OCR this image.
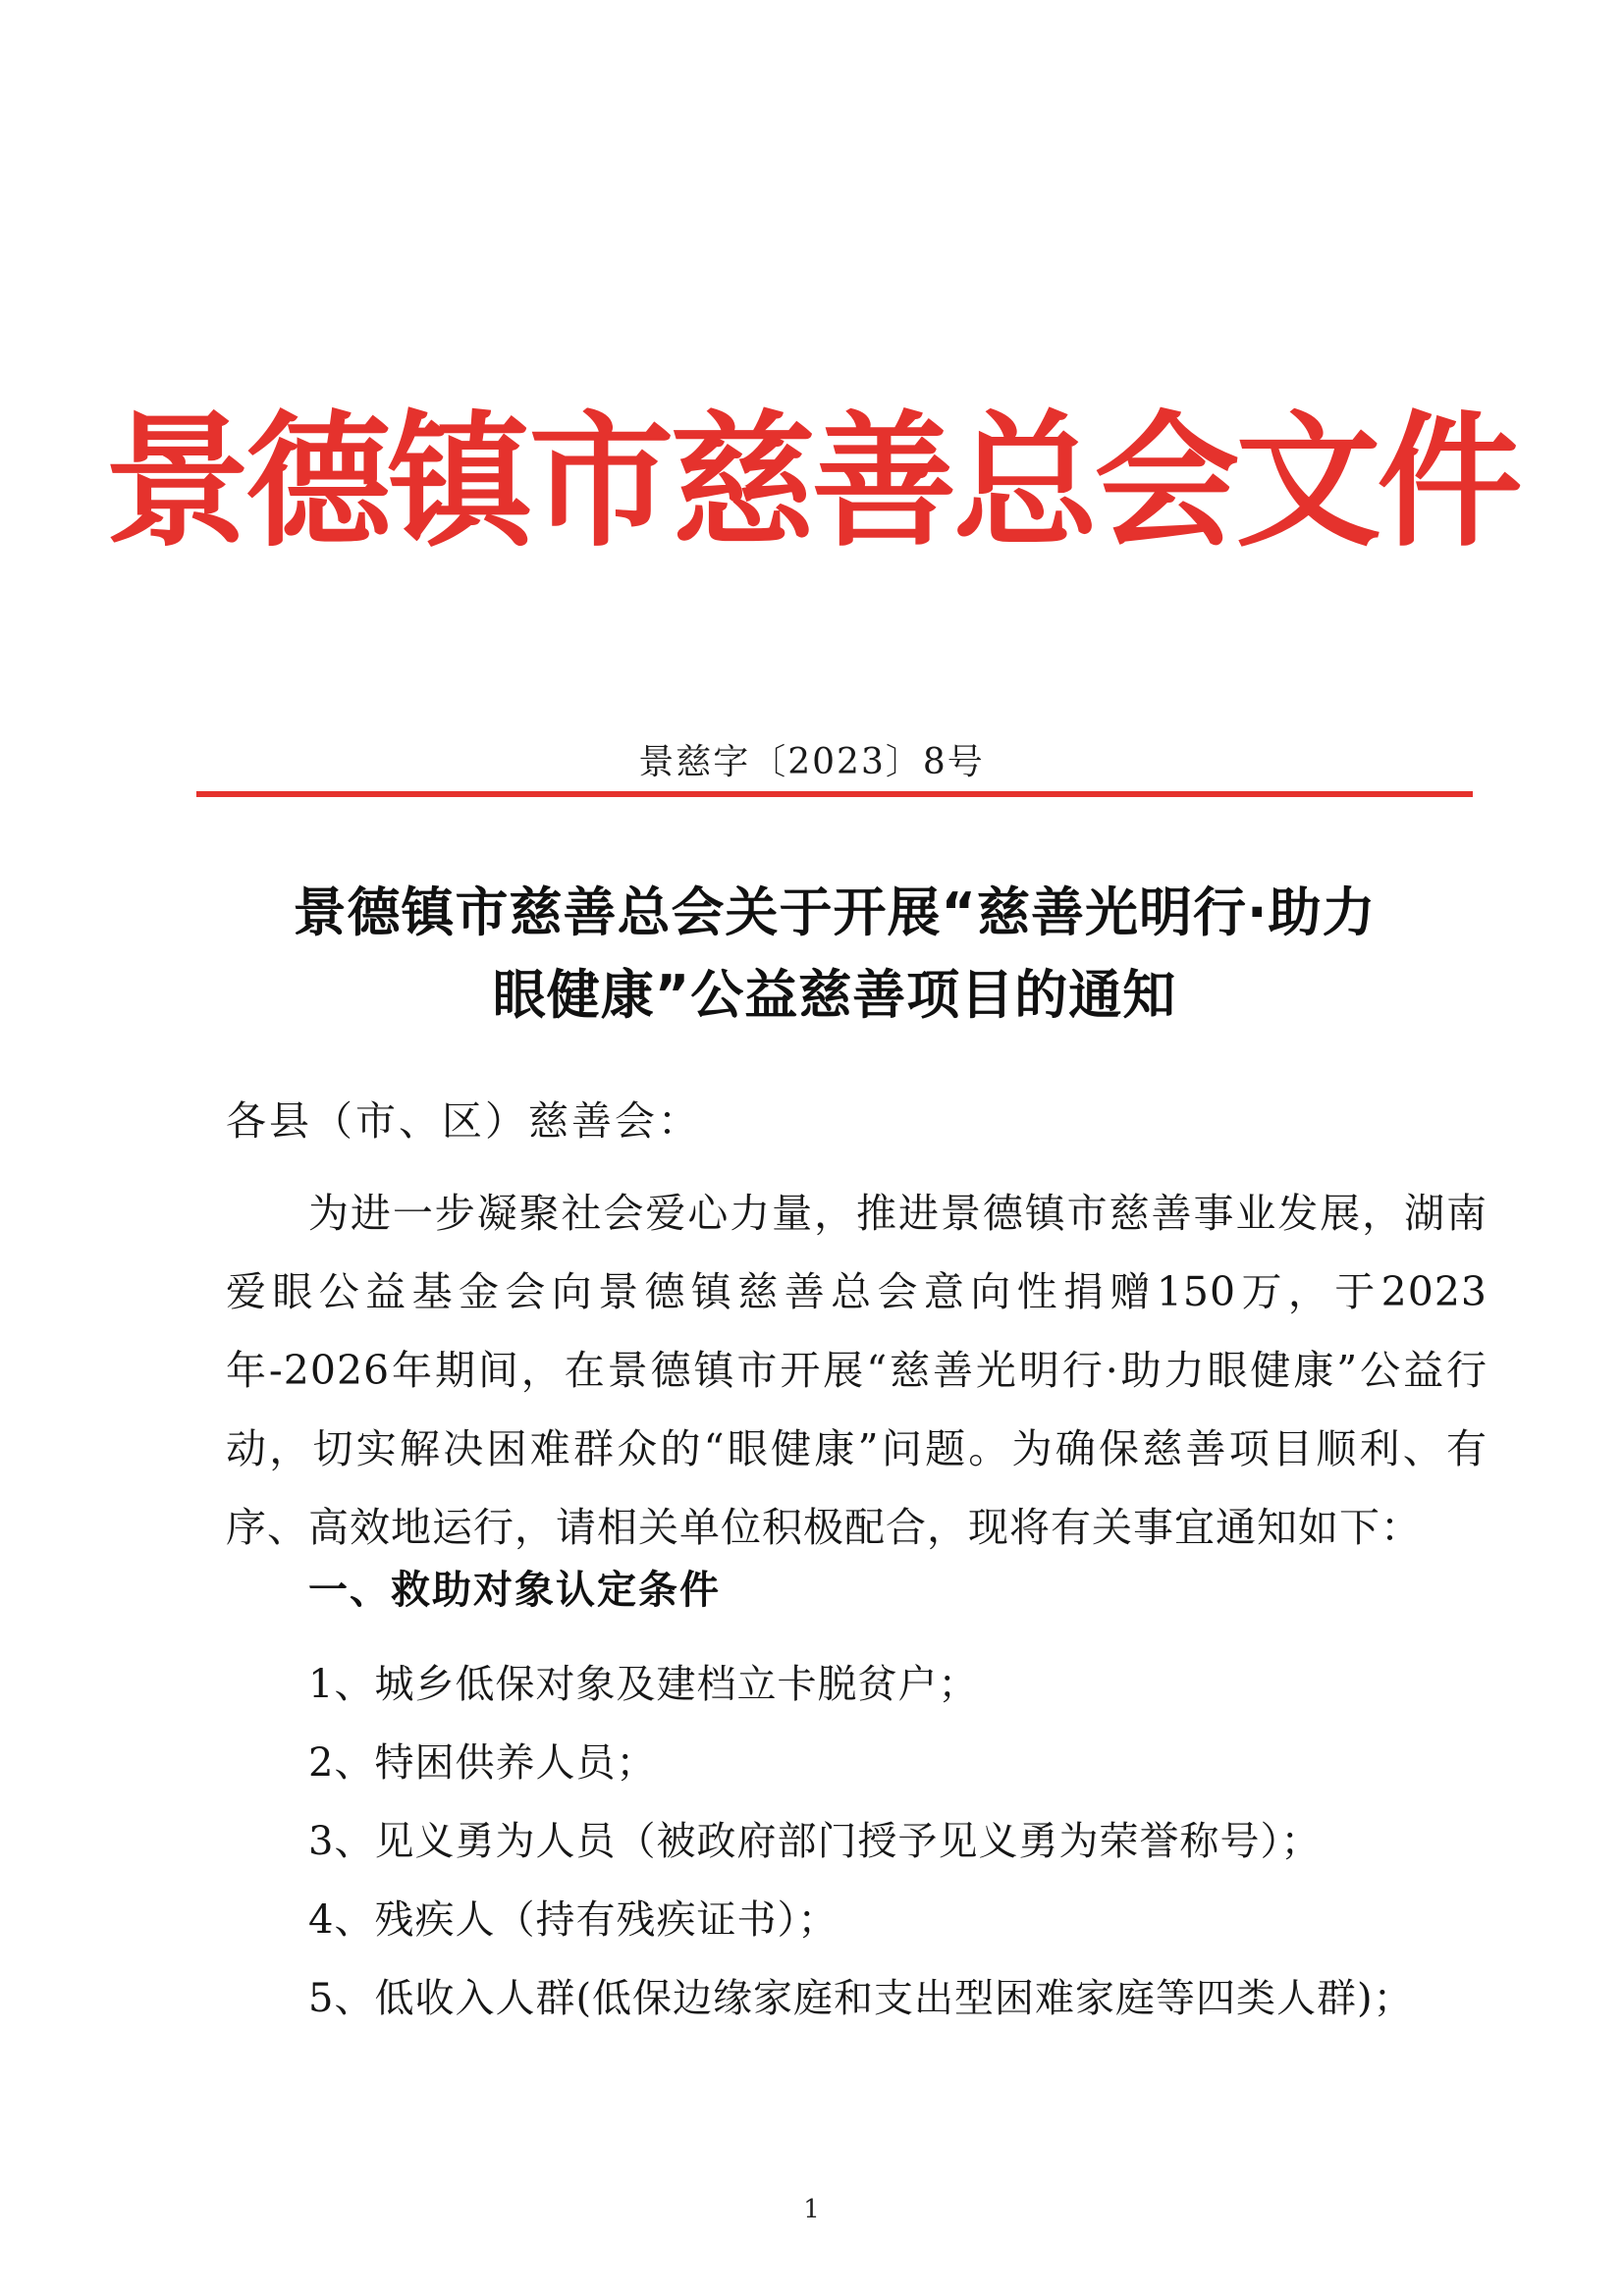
景德镇市慈善总会文件
景慈字〔2023〕8号
景德镇市慈善总会关于开展“慈善光明行·助力
眼健康”公益慈善项目的通知
各县（市、区）慈善会：
为进一步凝聚社会爱心力量，推进景德镇市慈善事业发展，湖南爱眼公益基金会向景德镇慈善总会意向性捐赠150万，于2023年-2026年期间，在景德镇市开展“慈善光明行·助力眼健康”公益行动，切实解决困难群众的“眼健康”问题。为确保慈善项目顺利、有序、高效地运行，请相关单位积极配合，现将有关事宜通知如下：
一、救助对象认定条件
1、城乡低保对象及建档立卡脱贫户；
2、特困供养人员；
3、见义勇为人员（被政府部门授予见义勇为荣誉称号）；
4、残疾人（持有残疾证书）；
5、低收入人群(低保边缘家庭和支出型困难家庭等四类人群)；
1
